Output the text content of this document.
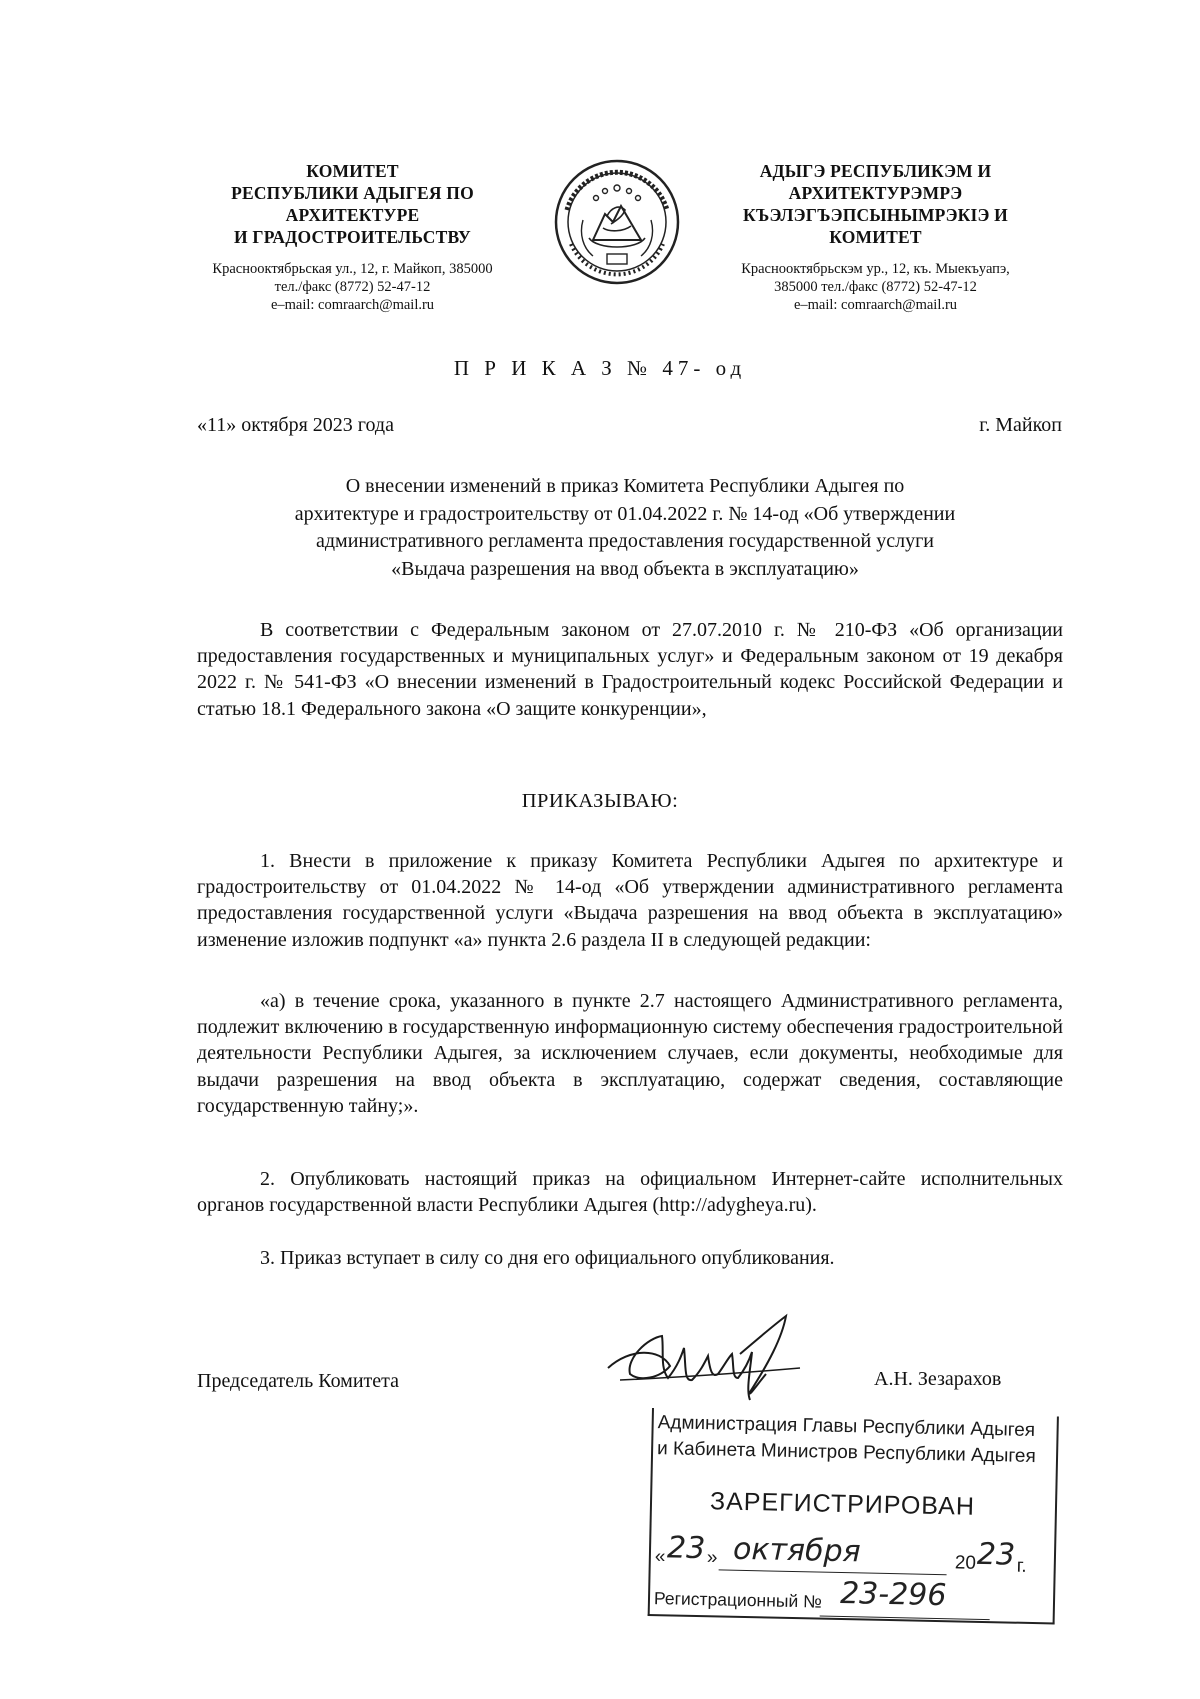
КОМИТЕТ
РЕСПУБЛИКИ АДЫГЕЯ ПО
АРХИТЕКТУРЕ
И ГРАДОСТРОИТЕЛЬСТВУ
Краснооктябрьская ул., 12, г. Майкоп, 385000
тел./факс (8772) 52-47-12
e–mail: comraarch@mail.ru
АДЫГЭ РЕСПУБЛИКЭМ И
АРХИТЕКТУРЭМРЭ
КЪЭЛЭГЪЭПСЫНЫМРЭКIЭ И
КОМИТЕТ
Краснооктябрьскэм ур., 12, къ. Мыекъуапэ,
385000 тел./факс (8772) 52-47-12
e–mail: comraarch@mail.ru
П Р И К А З № 47- од
«11» октября 2023 года	г. Майкоп
О внесении изменений в приказ Комитета Республики Адыгея по
архитектуре и градостроительству от 01.04.2022 г. № 14-од «Об утверждении
административного регламента предоставления государственной услуги
«Выдача разрешения на ввод объекта в эксплуатацию»
В соответствии с Федеральным законом от 27.07.2010 г. № 210-ФЗ «Об организации предоставления государственных и муниципальных услуг» и Федеральным законом от 19 декабря 2022 г. № 541-ФЗ «О внесении изменений в Градостроительный кодекс Российской Федерации и статью 18.1 Федерального закона «О защите конкуренции»,
ПРИКАЗЫВАЮ:
1. Внести в приложение к приказу Комитета Республики Адыгея по архитектуре и градостроительству от 01.04.2022 № 14-од «Об утверждении административного регламента предоставления государственной услуги «Выдача разрешения на ввод объекта в эксплуатацию» изменение изложив подпункт «а» пункта 2.6 раздела II в следующей редакции:
«а) в течение срока, указанного в пункте 2.7 настоящего Административного регламента, подлежит включению в государственную информационную систему обеспечения градостроительной деятельности Республики Адыгея, за исключением случаев, если документы, необходимые для выдачи разрешения на ввод объекта в эксплуатацию, содержат сведения, составляющие государственную тайну;».
2. Опубликовать настоящий приказ на официальном Интернет-сайте исполнительных органов государственной власти Республики Адыгея (http://adygheya.ru).
3. Приказ вступает в силу со дня его официального опубликования.
Председатель Комитета	А.Н. Зезарахов
Администрация Главы Республики Адыгея
и Кабинета Министров Республики Адыгея
ЗАРЕГИСТРИРОВАН
« 23 » октября	20 23 г.
Регистрационный № 23-296
